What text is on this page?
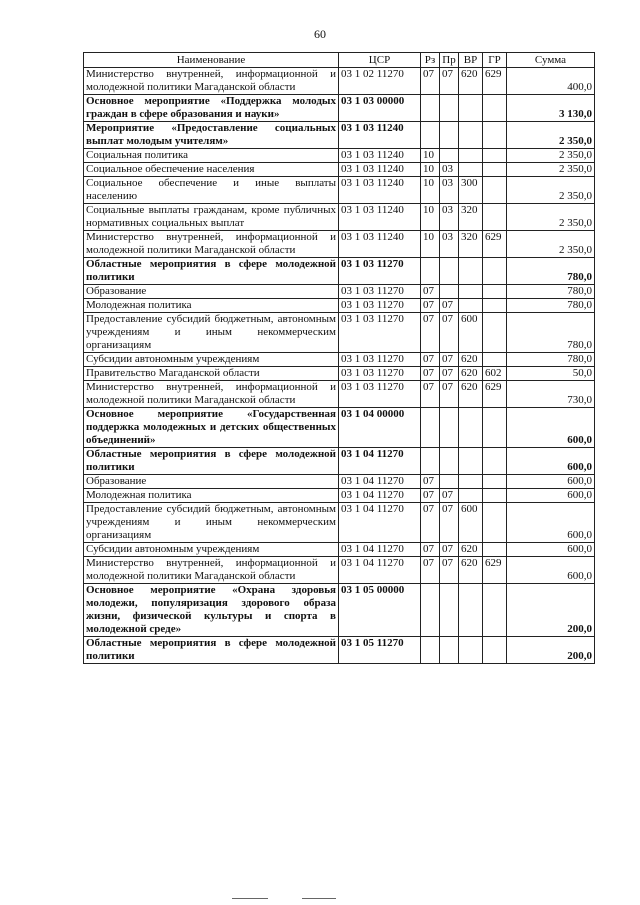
60
Наименование	ЦСР	Рз	Пр	ВР	ГР	Сумма
Министерство внутренней, информационной и молодежной политики Магаданской области	03 1 02 11270	07	07	620	629	400,0
Основное мероприятие «Поддержка молодых граждан в сфере образования и науки»	03 1 03 00000					3 130,0
Мероприятие «Предоставление социальных выплат молодым учителям»	03 1 03 11240					2 350,0
Социальная политика	03 1 03 11240	10				2 350,0
Социальное обеспечение населения	03 1 03 11240	10	03			2 350,0
Социальное обеспечение и иные выплаты населению	03 1 03 11240	10	03	300		2 350,0
Социальные выплаты гражданам, кроме публичных нормативных социальных выплат	03 1 03 11240	10	03	320		2 350,0
Министерство внутренней, информационной и молодежной политики Магаданской области	03 1 03 11240	10	03	320	629	2 350,0
Областные мероприятия в сфере молодежной политики	03 1 03 11270					780,0
Образование	03 1 03 11270	07				780,0
Молодежная политика	03 1 03 11270	07	07			780,0
Предоставление субсидий бюджетным, автономным учреждениям и иным некоммерческим организациям	03 1 03 11270	07	07	600		780,0
Субсидии автономным учреждениям	03 1 03 11270	07	07	620		780,0
Правительство Магаданской области	03 1 03 11270	07	07	620	602	50,0
Министерство внутренней, информационной и молодежной политики Магаданской области	03 1 03 11270	07	07	620	629	730,0
Основное мероприятие «Государственная поддержка молодежных и детских общественных объединений»	03 1 04 00000					600,0
Областные мероприятия в сфере молодежной политики	03 1 04 11270					600,0
Образование	03 1 04 11270	07				600,0
Молодежная политика	03 1 04 11270	07	07			600,0
Предоставление субсидий бюджетным, автономным учреждениям и иным некоммерческим организациям	03 1 04 11270	07	07	600		600,0
Субсидии автономным учреждениям	03 1 04 11270	07	07	620		600,0
Министерство внутренней, информационной и молодежной политики Магаданской области	03 1 04 11270	07	07	620	629	600,0
Основное мероприятие «Охрана здоровья молодежи, популяризация здорового образа жизни, физической культуры и спорта в молодежной среде»	03 1 05 00000					200,0
Областные мероприятия в сфере молодежной политики	03 1 05 11270					200,0
